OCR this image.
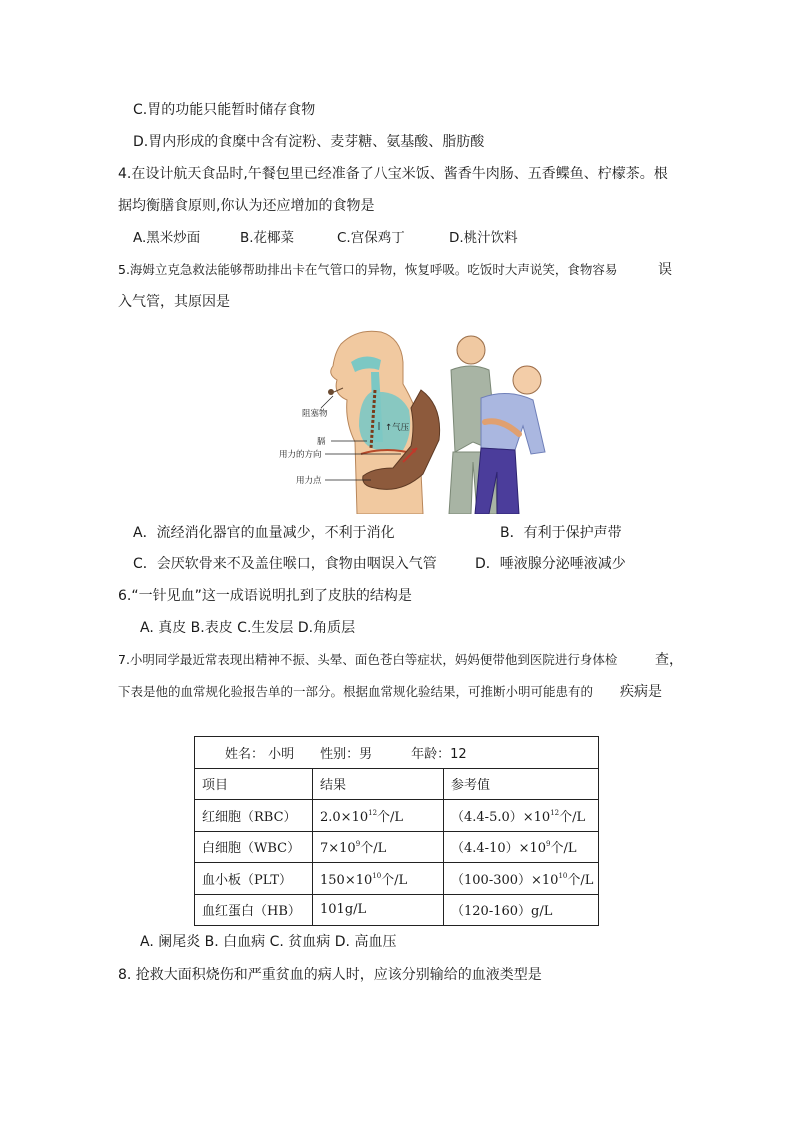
C.胃的功能只能暂时储存食物
D.胃内形成的食糜中含有淀粉、麦芽糖、氨基酸、脂肪酸
4.在设计航天食品时,午餐包里已经准备了八宝米饭、酱香牛肉肠、五香鲽鱼、柠檬茶。根
据均衡膳食原则,你认为还应增加的食物是
A.黑米炒面	B.花椰菜	C.宫保鸡丁	D.桃汁饮料
5.海姆立克急救法能够帮助排出卡在气管口的异物，恢复呼吸。吃饭时大声说笑，食物容易	误
入气管，其原因是
↑气压
阻塞物
膈
用力的方向
用力点
A．流经消化器官的血量减少，不利于消化	B．有利于保护声带
C．会厌软骨来不及盖住喉口，食物由咽误入气管	D．唾液腺分泌唾液减少
6.“一针见血”这一成语说明扎到了皮肤的结构是
A. 真皮 B.表皮 C.生发层 D.角质层
7.小明同学最近常表现出精神不振、头晕、面色苍白等症状，妈妈便带他到医院进行身体检	查，
下表是他的血常规化验报告单的一部分。根据血常规化验结果，可推断小明可能患有的 疾病是
姓名： 小明　　性别：男　　　年龄：12		
项目	结果	参考值
红细胞（RBC）	$2.0\times 10^{12}$个/L	$(4.4-5.0)\times 10^{12}$个/L
白细胞（WBC）	$7\times 10^9$个/L	$(4.4-10)\times 10^9$个/L
血小板（PLT）	$150\times 10^{10}$个/L	$(100-300)\times 10^{10}$个/L
血红蛋白（HB）	101g/L	（120-160）g/L
A. 阑尾炎 B. 白血病 C. 贫血病 D. 高血压
8. 抢救大面积烧伤和严重贫血的病人时，应该分别输给的血液类型是
